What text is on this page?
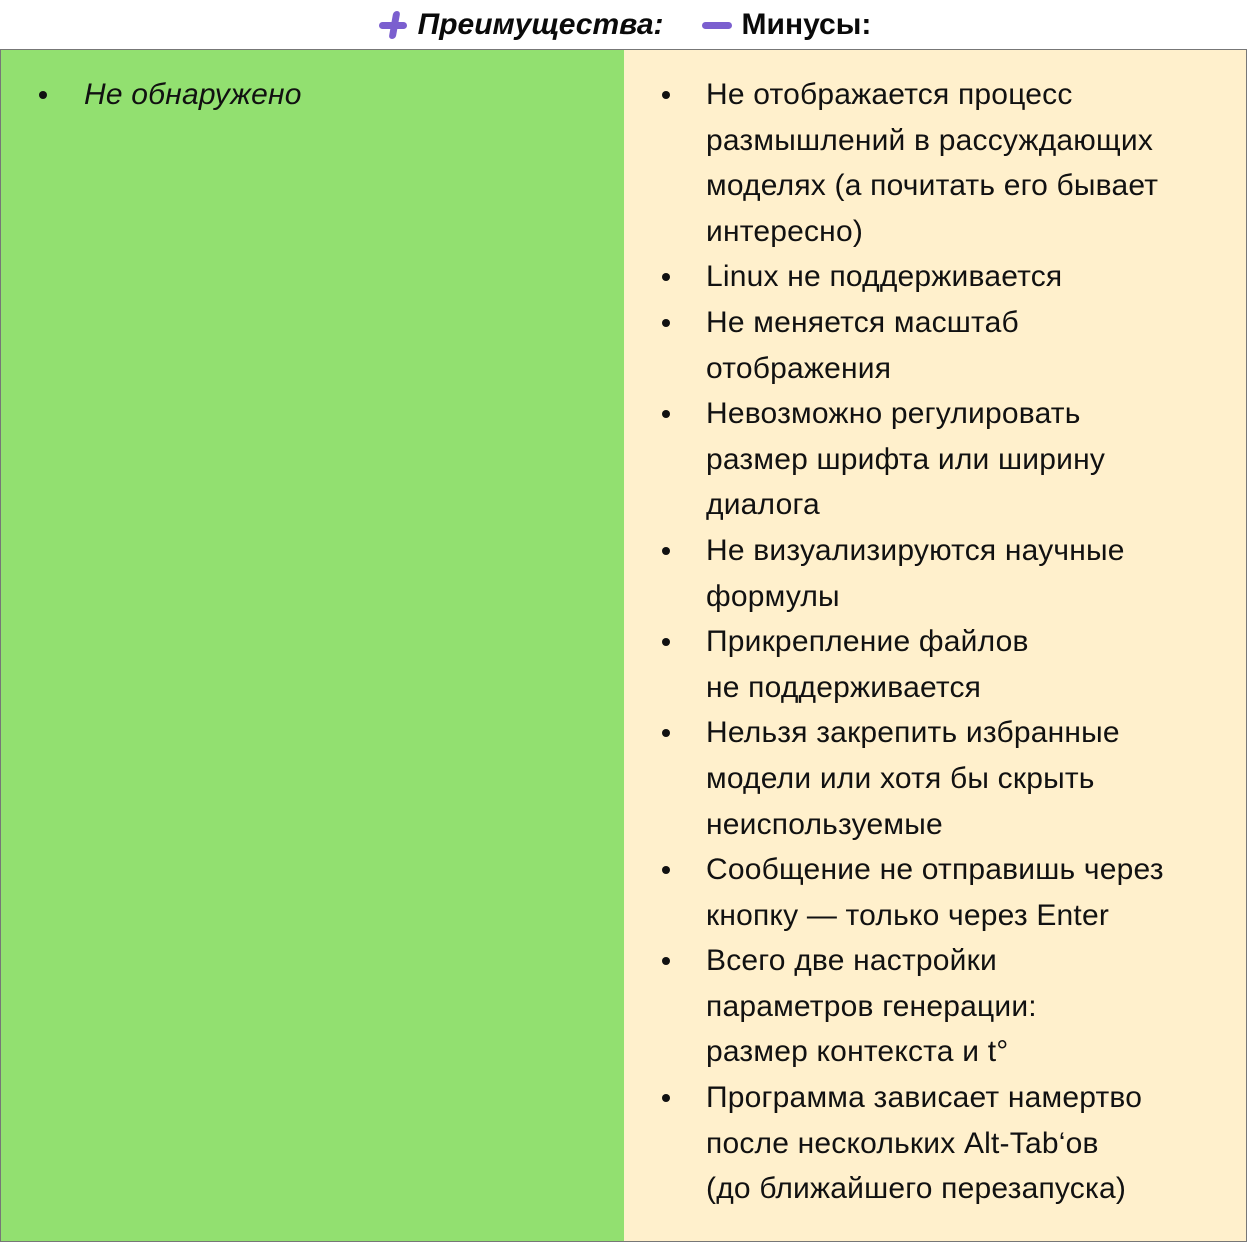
Преимущества:	Минусы:
Не обнаружено	Не отображается процесс
размышлений в рассуждающих
моделях (а почитать его бывает
интересно)
Linux не поддерживается
Не меняется масштаб
отображения
Невозможно регулировать
размер шрифта или ширину
диалога
Не визуализируются научные
формулы
Прикрепление файлов
не поддерживается
Нельзя закрепить избранные
модели или хотя бы скрыть
неиспользуемые
Сообщение не отправишь через
кнопку — только через Enter
Всего две настройки
параметров генерации:
размер контекста и t°
Программа зависает намертво
после нескольких Alt-Tab‘ов
(до ближайшего перезапуска)
